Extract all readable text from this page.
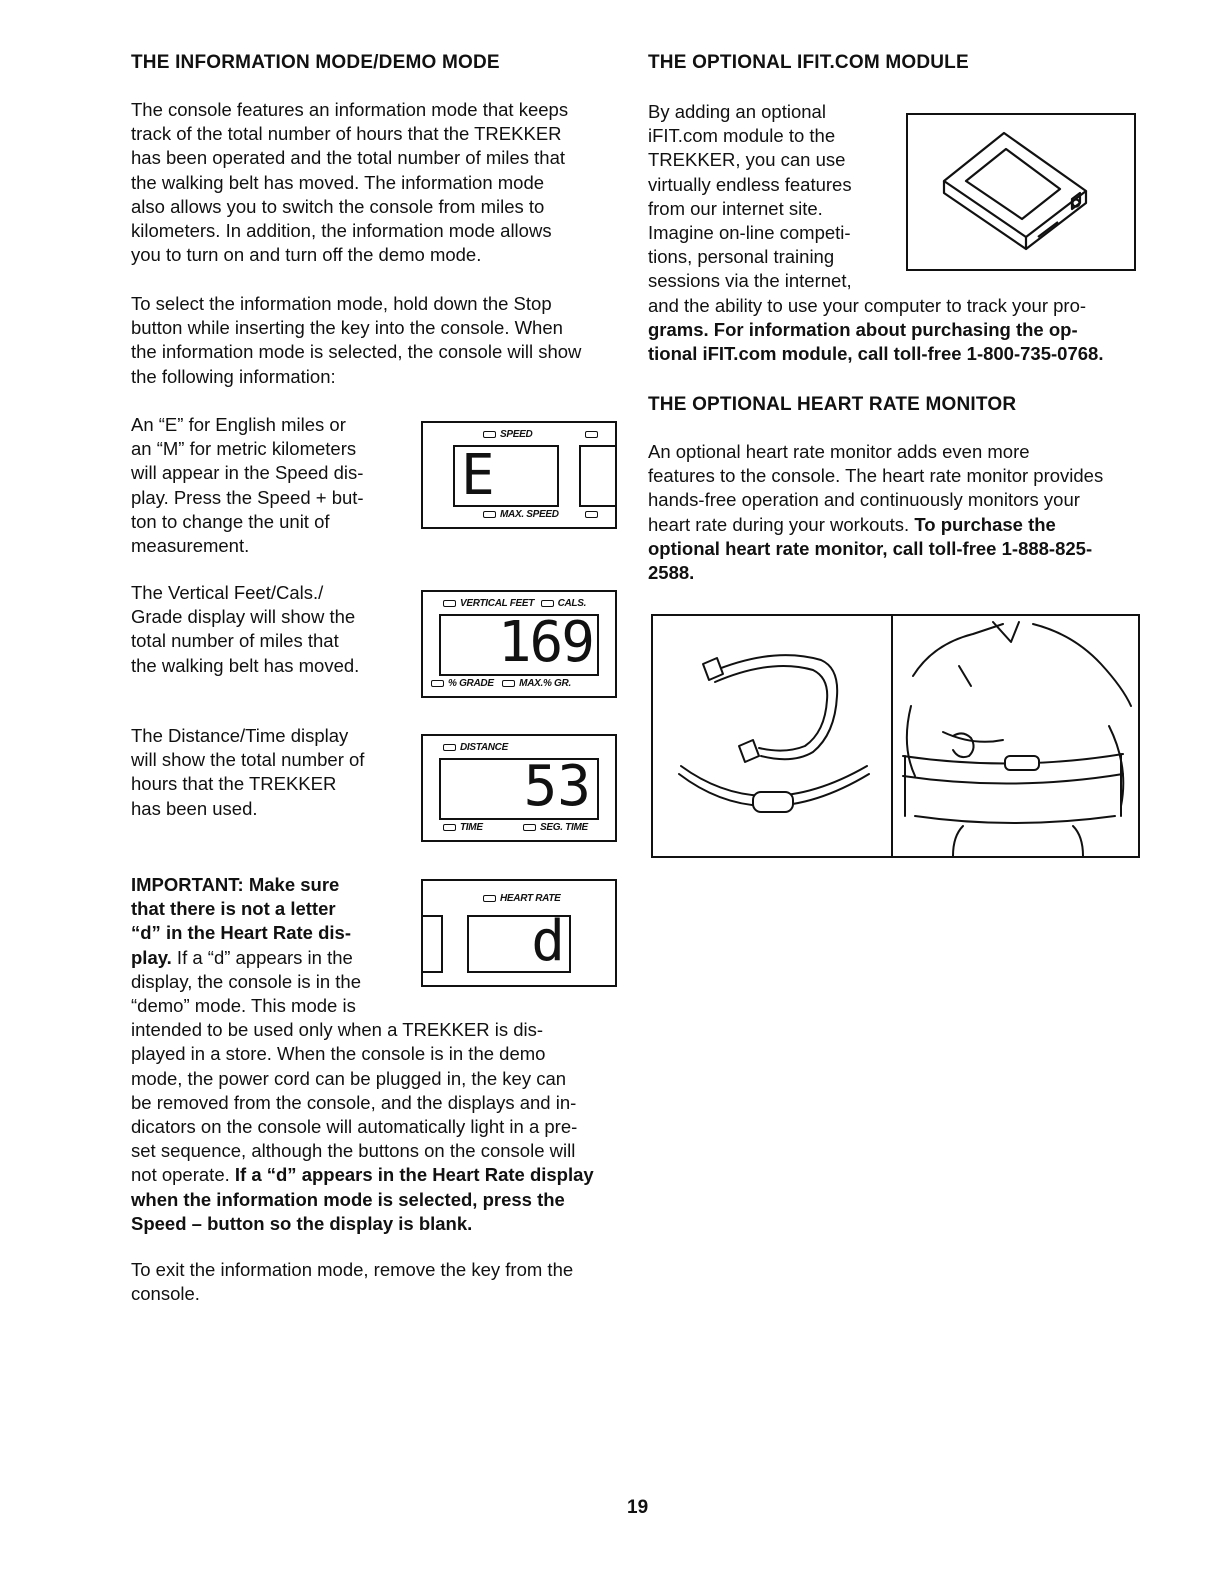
THE INFORMATION MODE/DEMO MODE
The console features an information mode that keeps
track of the total number of hours that the TREKKER
has been operated and the total number of miles that
the walking belt has moved. The information mode
also allows you to switch the console from miles to
kilometers. In addition, the information mode allows
you to turn on and turn off the demo mode.
To select the information mode, hold down the Stop
button while inserting the key into the console. When
the information mode is selected, the console will show
the following information:
An “E” for English miles or
an “M” for metric kilometers
will appear in the Speed dis-
play. Press the Speed + but-
ton to change the unit of
measurement.
The Vertical Feet/Cals./
Grade display will show the
total number of miles that
the walking belt has moved.
The Distance/Time display
will show the total number of
hours that the TREKKER
has been used.
IMPORTANT: Make sure
that there is not a letter
“d” in the Heart Rate dis-
play. If a “d” appears in the
display, the console is in the
“demo” mode. This mode is
intended to be used only when a TREKKER is dis-
played in a store. When the console is in the demo
mode, the power cord can be plugged in, the key can
be removed from the console, and the displays and in-
dicators on the console will automatically light in a pre-
set sequence, although the buttons on the console will
not operate. If a “d” appears in the Heart Rate display
when the information mode is selected, press the
Speed – button so the display is blank.
To exit the information mode, remove the key from the
console.
SPEED
E
MAX. SPEED
VERTICAL FEET CALS.
169
% GRADE	MAX.% GR.
DISTANCE
53
TIME	SEG. TIME
HEART RATE
d
THE OPTIONAL IFIT.COM MODULE
By adding an optional
iFIT.com module to the
TREKKER, you can use
virtually endless features
from our internet site.
Imagine on-line competi-
tions, personal training
sessions via the internet,
and the ability to use your computer to track your pro-
grams. For information about purchasing the op-
tional iFIT.com module, call toll-free 1-800-735-0768.
THE OPTIONAL HEART RATE MONITOR
An optional heart rate monitor adds even more
features to the console. The heart rate monitor provides
hands-free operation and continuously monitors your
heart rate during your workouts. To purchase the
optional heart rate monitor, call toll-free 1-888-825-
2588.
19
